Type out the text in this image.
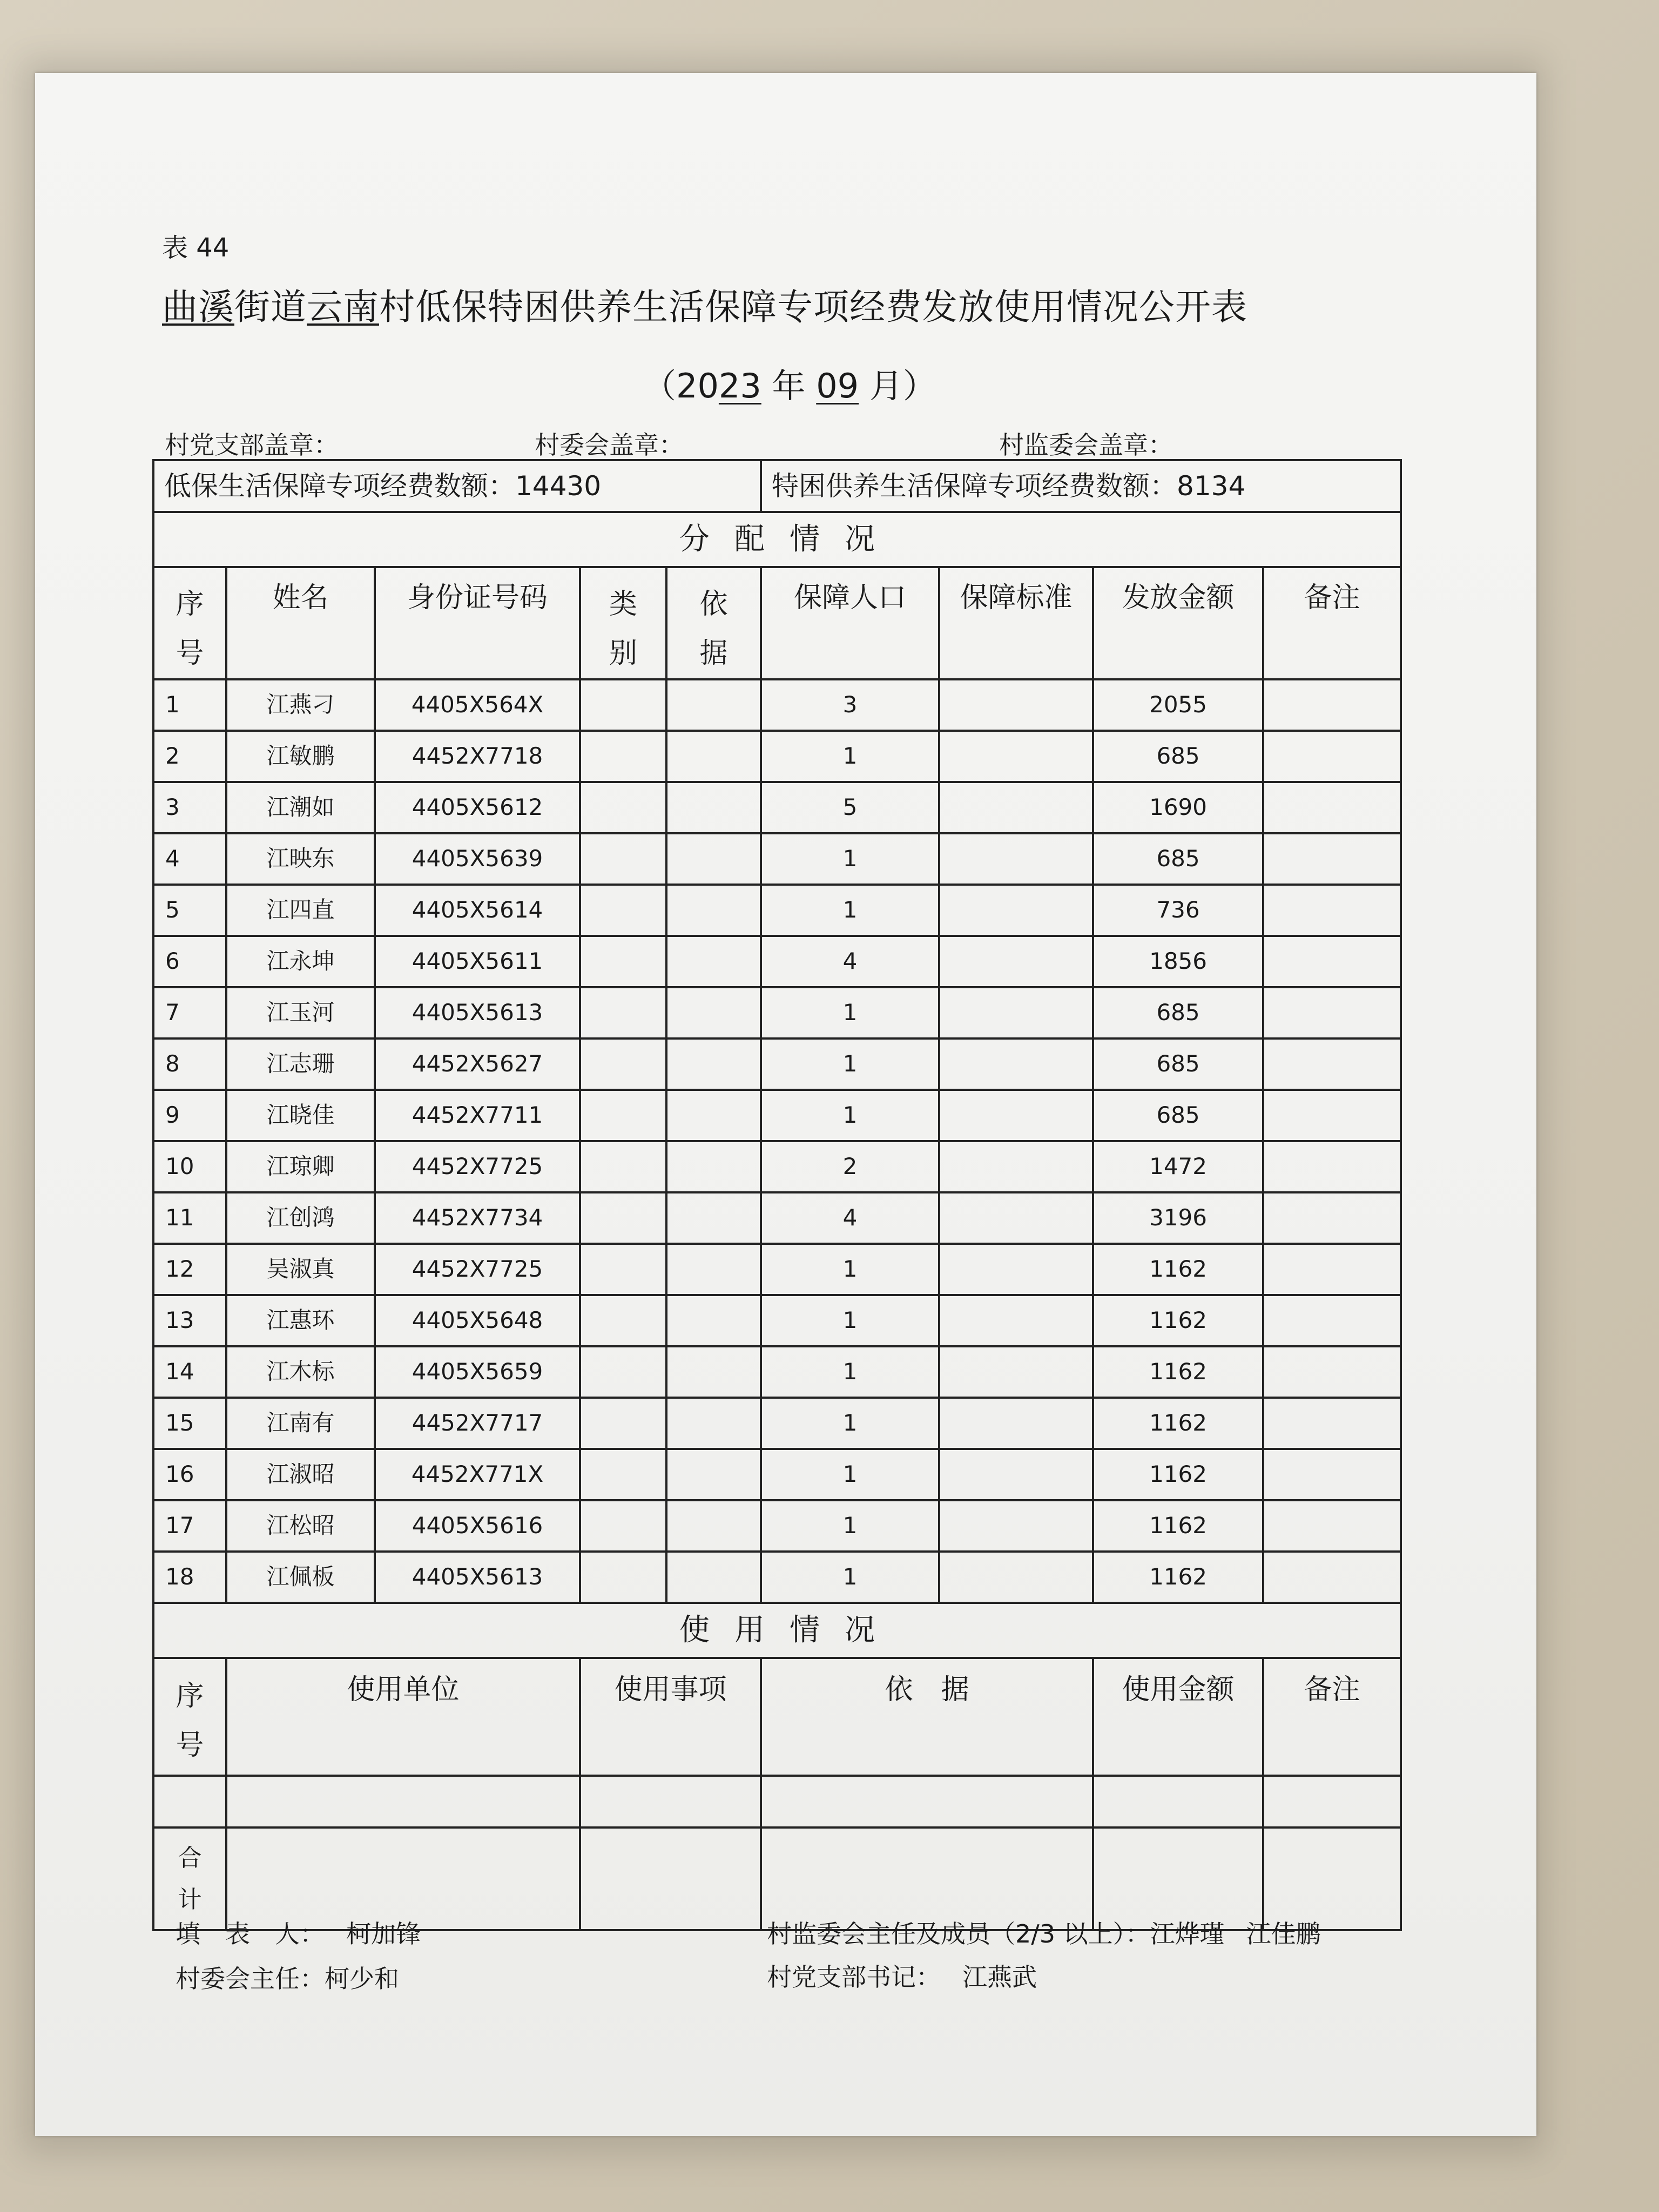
表 44
曲溪街道云南村低保特困供养生活保障专项经费发放使用情况公开表
（2023 年 09 月）
村党支部盖章：	村委会盖章：	村监委会盖章：
低保生活保障专项经费数额：14430					特困供养生活保障专项经费数额：8134			
分配情况								
序
号	姓名	身份证号码	类
别	依
据	保障人口	保障标准	发放金额	备注
1	江燕刁	4405X564X			3		2055	
2	江敏鹏	4452X7718			1		685	
3	江潮如	4405X5612			5		1690	
4	江映东	4405X5639			1		685	
5	江四直	4405X5614			1		736	
6	江永坤	4405X5611			4		1856	
7	江玉河	4405X5613			1		685	
8	江志珊	4452X5627			1		685	
9	江晓佳	4452X7711			1		685	
10	江琼卿	4452X7725			2		1472	
11	江创鸿	4452X7734			4		3196	
12	吴淑真	4452X7725			1		1162	
13	江惠环	4405X5648			1		1162	
14	江木标	4405X5659			1		1162	
15	江南有	4452X7717			1		1162	
16	江淑昭	4452X771X			1		1162	
17	江松昭	4405X5616			1		1162	
18	江佩板	4405X5613			1		1162	
使用情况								
序
号	使用单位		使用事项		依　据		使用金额	备注

合
计								
填　表　人： 柯加锋
村委会主任：柯少和
村监委会主任及成员（2/3 以上）：江烨瑾 江佳鹏
村党支部书记： 江燕武
